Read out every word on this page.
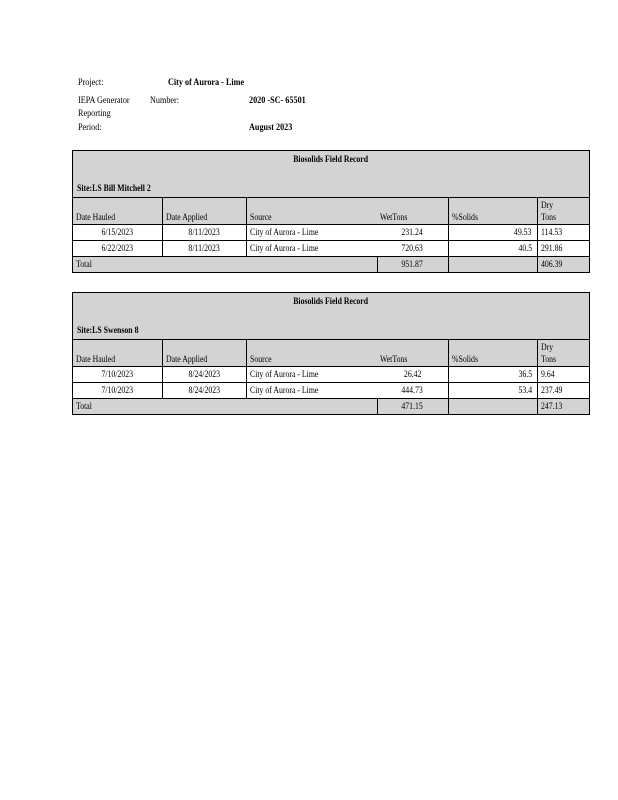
Project:	City of Aurora - Lime
IEPA Generator Number:	2020 -SC- 65501
Reporting
Period:	August 2023
Biosolids Field Record
Site:LS Bill Mitchell 2
Date Hauled	Date Applied	Source	WetTons	%Solids	Dry
Tons
6/15/2023	8/11/2023	City of Aurora - Lime	231.24	49.53	114.53
6/22/2023	8/11/2023	City of Aurora - Lime	720.63	40.5	291.86
Total			951.87		406.39
Biosolids Field Record
Site:LS Swenson 8
Date Hauled	Date Applied	Source	WetTons	%Solids	Dry
Tons
7/10/2023	8/24/2023	City of Aurora - Lime	26.42	36.5	9.64
7/10/2023	8/24/2023	City of Aurora - Lime	444.73	53.4	237.49
Total			471.15		247.13
